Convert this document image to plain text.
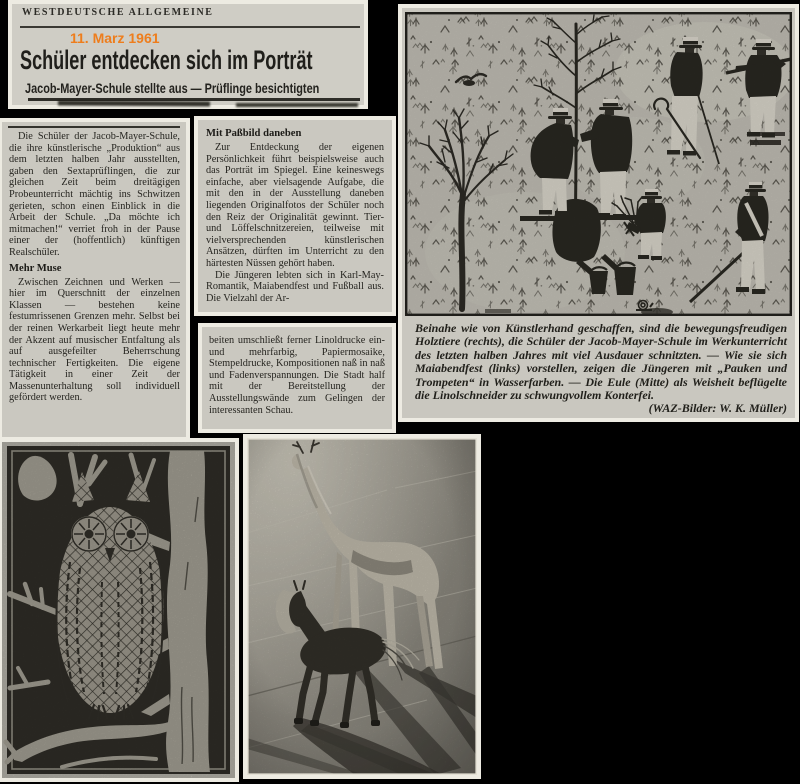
WESTDEUTSCHE ALLGEMEINE
11. Marz 1961
Schüler entdecken sich im Porträt
Jacob-Mayer-Schule stellte aus — Prüflinge besichtigten

Die Schüler der Jacob-Mayer-Schule, die ihre künstlerische „Produktion“ aus dem letzten halben Jahr ausstellten, gaben den Sextaprüflingen, die zur gleichen Zeit beim dreitägigen Probeunterricht mächtig ins Schwitzen gerieten, schon einen Einblick in die Arbeit der Schule. „Da möchte ich mitmachen!“ verriet froh in der Pause einer der (hoffentlich) künftigen Realschüler.

Mehr Muse

Zwischen Zeichnen und Werken — hier im Querschnitt der einzelnen Klassen — bestehen keine festumrissenen Grenzen mehr. Selbst bei der reinen Werkarbeit liegt heute mehr der Akzent auf musischer Entfaltung als auf ausgefeilter Beherrschung technischer Fertigkeiten. Die eigene Tätigkeit in einer Zeit der Massenunterhaltung soll individuell gefördert werden.

Mit Paßbild daneben

Zur Entdeckung der eigenen Persönlichkeit führt beispielsweise auch das Porträt im Spiegel. Eine keineswegs einfache, aber vielsagende Aufgabe, die mit den in der Ausstellung daneben liegenden Originalfotos der Schüler noch den Reiz der Originalität gewinnt. Tier- und Löffelschnitzereien, teilweise mit vielversprechenden künstlerischen Ansätzen, dürften im Unterricht zu den härtesten Nüssen gehört haben.

Die Jüngeren lebten sich in Karl-May-Romantik, Maiabendfest und Fußball aus. Die Vielzahl der Ar-

beiten umschließt ferner Linoldrucke ein- und mehrfarbig, Papiermosaike, Stempeldrucke, Kompositionen naß in naß und Fadenverspannungen. Die Stadt half mit der Bereitstellung der Ausstellungswände zum Gelingen der interessanten Schau.

Beinahe wie von Künstlerhand geschaffen, sind die bewegungsfreudigen Holztiere (rechts), die Schüler der Jacob-Mayer-Schule im Werkunterricht des letzten halben Jahres mit viel Ausdauer schnitzten. — Wie sie sich Maiabendfest (links) vorstellen, zeigen die Jüngeren mit „Pauken und Trompeten“ in Wasserfarben. — Die Eule (Mitte) als Weisheit beflügelte die Linolschneider zu schwungvollem Konterfei.
(WAZ-Bilder: W. K. Müller)
